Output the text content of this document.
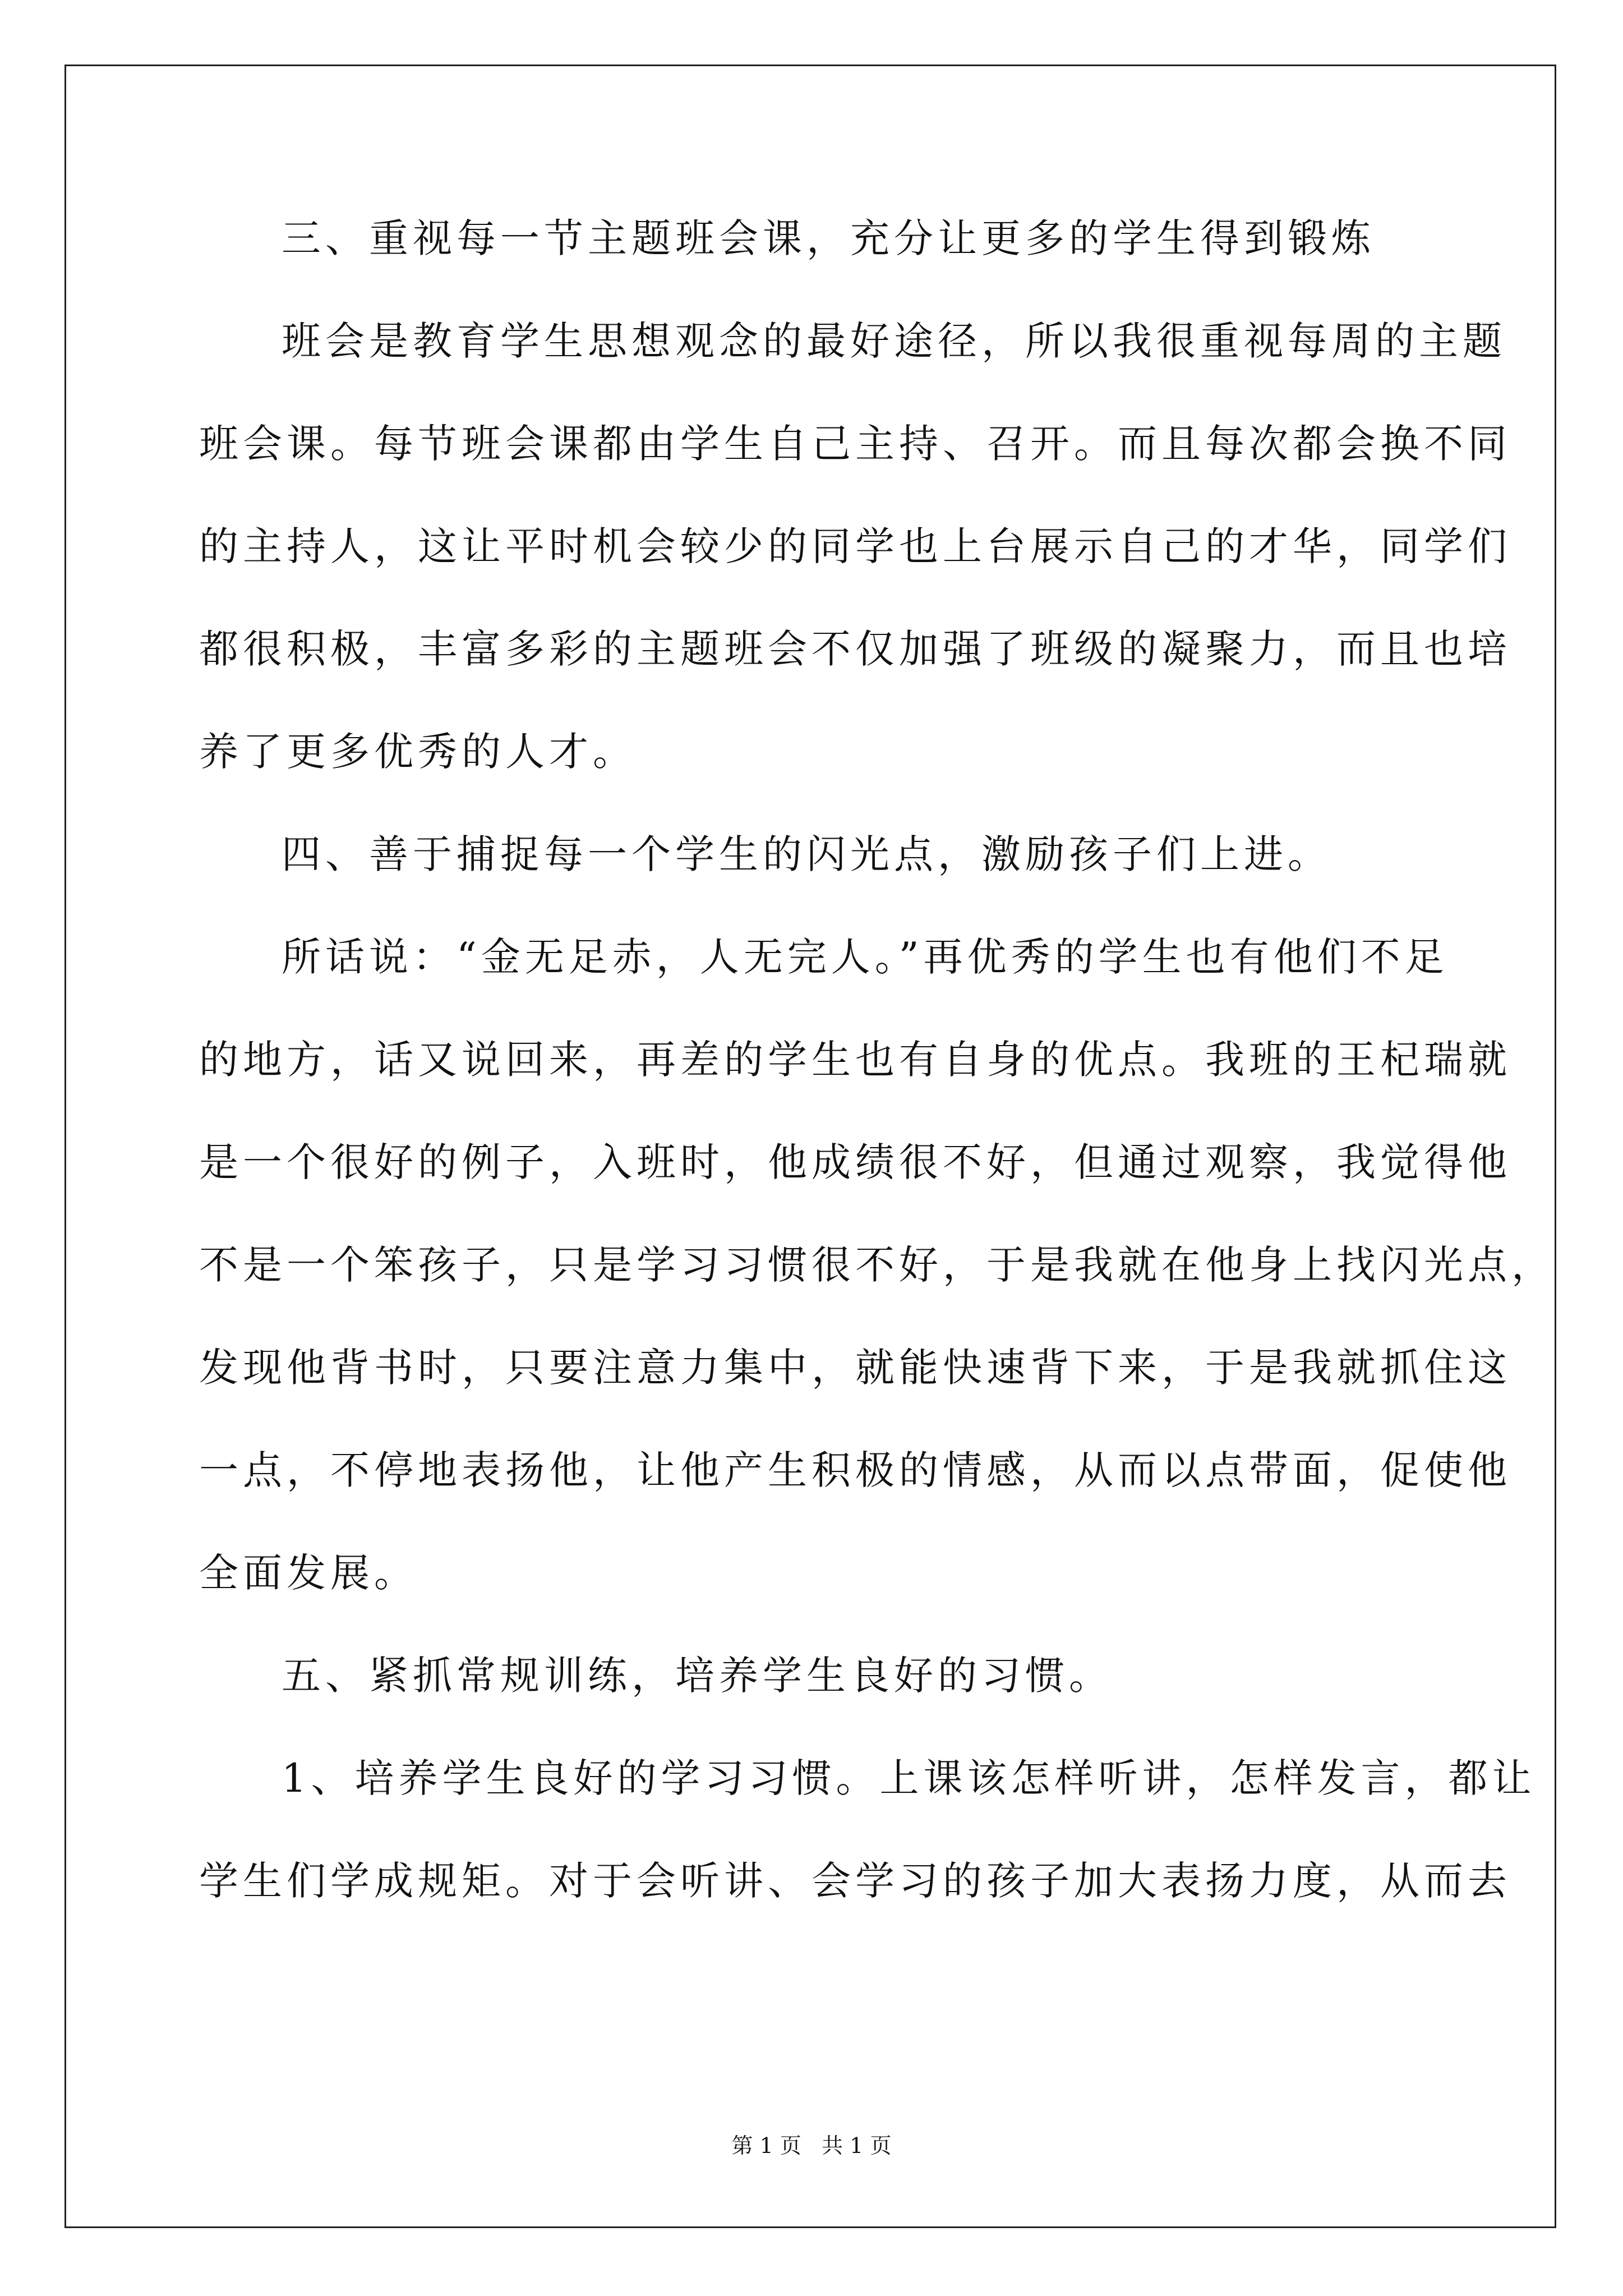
三、重视每一节主题班会课，充分让更多的学生得到锻炼
班会是教育学生思想观念的最好途径，所以我很重视每周的主题
班会课。每节班会课都由学生自己主持、召开。而且每次都会换不同
的主持人，这让平时机会较少的同学也上台展示自己的才华，同学们
都很积极，丰富多彩的主题班会不仅加强了班级的凝聚力，而且也培
养了更多优秀的人才。
四、善于捕捉每一个学生的闪光点，激励孩子们上进。
所话说：“金无足赤，人无完人。”再优秀的学生也有他们不足
的地方，话又说回来，再差的学生也有自身的优点。我班的王杞瑞就
是一个很好的例子，入班时，他成绩很不好，但通过观察，我觉得他
不是一个笨孩子，只是学习习惯很不好，于是我就在他身上找闪光点，
发现他背书时，只要注意力集中，就能快速背下来，于是我就抓住这
一点，不停地表扬他，让他产生积极的情感，从而以点带面，促使他
全面发展。
五、紧抓常规训练，培养学生良好的习惯。
1、培养学生良好的学习习惯。上课该怎样听讲，怎样发言，都让
学生们学成规矩。对于会听讲、会学习的孩子加大表扬力度，从而去
第 1 页   共 1 页
